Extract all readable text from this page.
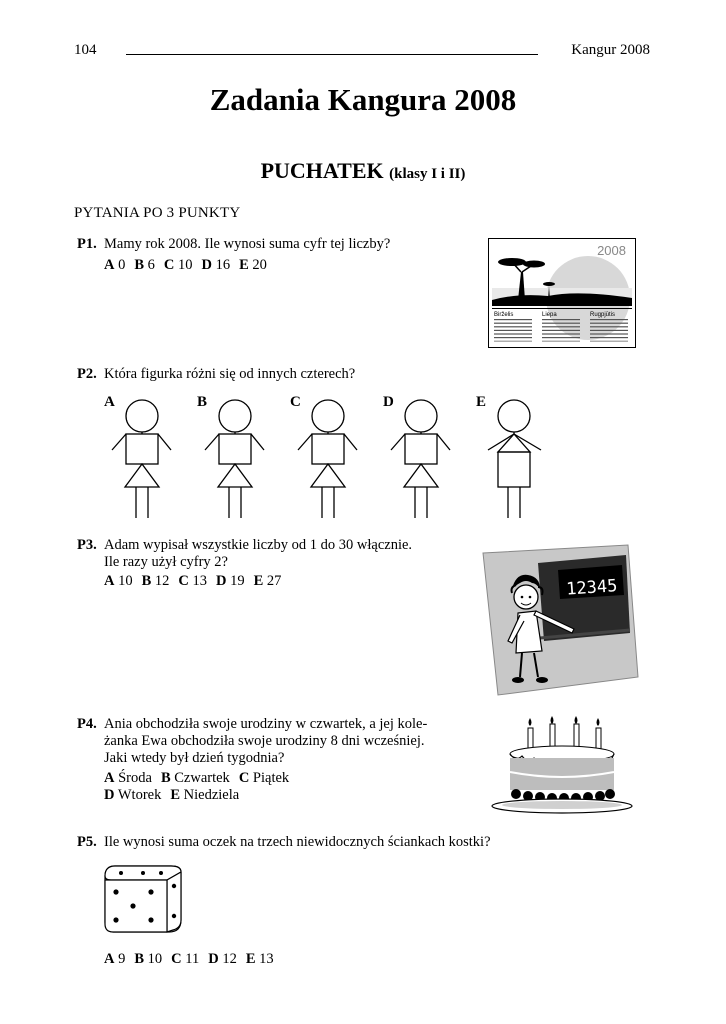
104	Kangur 2008
Zadania Kangura 2008
PUCHATEK (klasy I i II)
PYTANIA PO 3 PUNKTY
P1. Mamy rok 2008. Ile wynosi suma cyfr tej liczby?
A 0 B 6 C 10 D 16 E 20
2008
Birželis	Liepa	Rugpjūtis
P2. Która figurka różni się od innych czterech?
A	B	C	D	E
P3. Adam wypisał wszystkie liczby od 1 do 30 włącznie.
Ile razy użył cyfry 2?
A 10 B 12 C 13 D 19 E 27	12345
P4. Ania obchodziła swoje urodziny w czwartek, a jej kole-
żanka Ewa obchodziła swoje urodziny 8 dni wcześniej.
Jaki wtedy był dzień tygodnia?
A Środa B Czwartek C Piątek
D Wtorek E Niedziela
P5. Ile wynosi suma oczek na trzech niewidocznych ściankach kostki?
A 9 B 10 C 11 D 12 E 13
